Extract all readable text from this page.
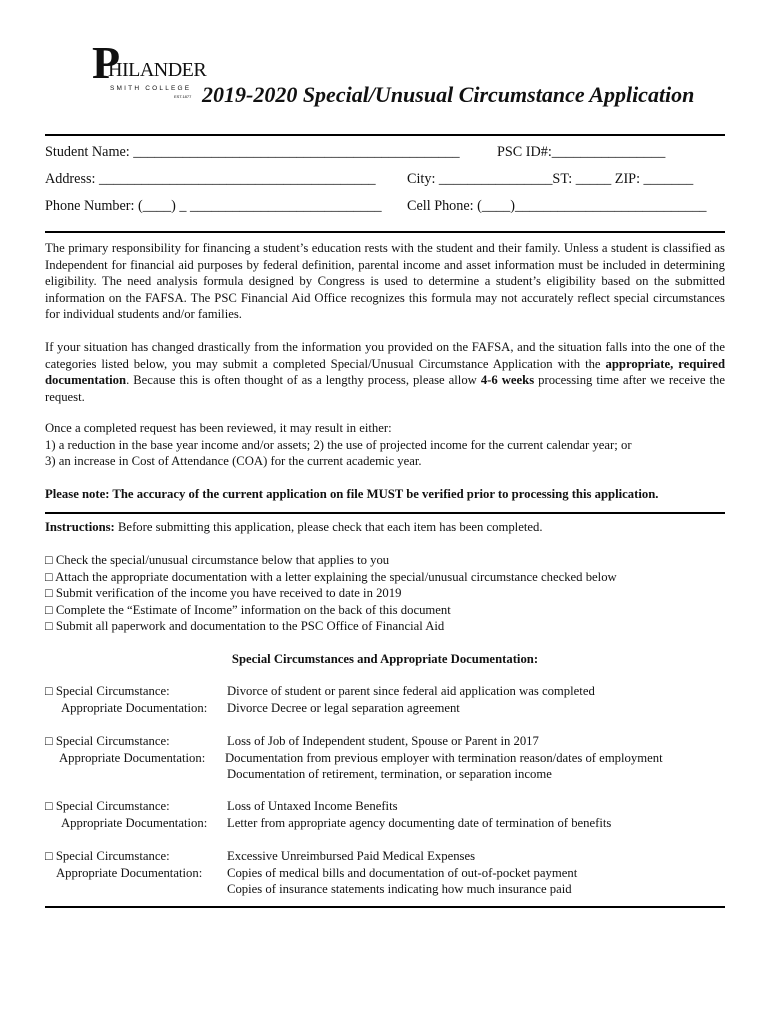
P
HILANDER
SMITH COLLEGE
EST.1877 2019-2020 Special/Unusual Circumstance Application
Student Name: ______________________________________________	PSC ID#:________________
Address: _______________________________________ City: ________________ST: _____ ZIP: _______
Phone Number: (____) _ ___________________________ Cell Phone: (____)___________________________

The primary responsibility for financing a student’s education rests with the student and their family. Unless a student is classified as Independent for financial aid purposes by federal definition, parental income and asset information must be included in determining eligibility. The need analysis formula designed by Congress is used to determine a student’s eligibility based on the submitted information on the FAFSA. The PSC Financial Aid Office recognizes this formula may not accurately reflect special circumstances for individual students and/or families.

If your situation has changed drastically from the information you provided on the FAFSA, and the situation falls into the one of the categories listed below, you may submit a completed Special/Unusual Circumstance Application with the appropriate, required documentation. Because this is often thought of as a lengthy process, please allow 4-6 weeks processing time after we receive the request.

Once a completed request has been reviewed, it may result in either:
1) a reduction in the base year income and/or assets; 2) the use of projected income for the current calendar year; or
3) an increase in Cost of Attendance (COA) for the current academic year.
Please note: The accuracy of the current application on file MUST be verified prior to processing this application.
Instructions: Before submitting this application, please check that each item has been completed.
□ Check the special/unusual circumstance below that applies to you
□ Attach the appropriate documentation with a letter explaining the special/unusual circumstance checked below
□ Submit verification of the income you have received to date in 2019
□ Complete the “Estimate of Income” information on the back of this document
□ Submit all paperwork and documentation to the PSC Office of Financial Aid
Special Circumstances and Appropriate Documentation:
□ Special Circumstance:	Divorce of student or parent since federal aid application was completed
Appropriate Documentation: Divorce Decree or legal separation agreement
□ Special Circumstance:	Loss of Job of Independent student, Spouse or Parent in 2017
Appropriate Documentation: Documentation from previous employer with termination reason/dates of employment
Documentation of retirement, termination, or separation income
□ Special Circumstance:	Loss of Untaxed Income Benefits
Appropriate Documentation: Letter from appropriate agency documenting date of termination of benefits
□ Special Circumstance:	Excessive Unreimbursed Paid Medical Expenses
Appropriate Documentation: Copies of medical bills and documentation of out-of-pocket payment
Copies of insurance statements indicating how much insurance paid
